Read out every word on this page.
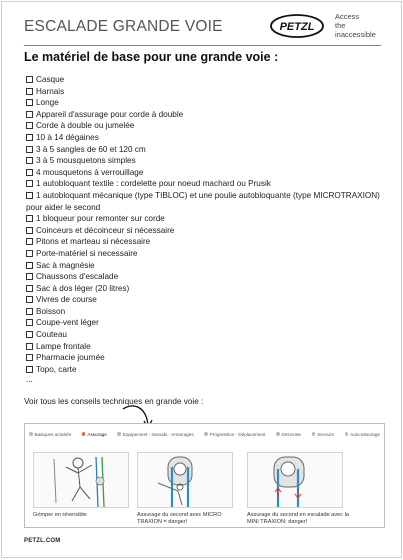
ESCALADE GRANDE VOIE	PETZL
Access
the
inaccessible
Le matériel de base pour une grande voie :
Casque
Harnais
Longe
Appareil d'assurage pour corde à double
Corde à double ou jumelée
10 à 14 dégaines
3 à 5 sangles de 60 et 120 cm
3 à 5 mousquetons simples
4 mousquetons à verrouillage
1 autobloquant textile : cordelette pour noeud machard ou Prusik
1 autobloquant mécanique (type TIBLOC) et une poulie autobloquante (type MICROTRAXION) pour aider le second
1 bloqueur pour remonter sur corde
Coinceurs et décoinceur si nécessaire
Pitons et marteau si nécessaire
Porte-matériel si necessaire
Sac à magnésie
Chaussons d'escalade
Sac à dos léger (20 litres)
Vivres de course
Boisson
Coupe-vent léger
Couteau
Lampe frontale
Pharmacie journée
Topo, carte
...
Voir tous les conseils techniques en grande voie :
Basiques activités	Assurage	Equipement - Noeuds - Amarrages	Progression - Déplacement	Descente	Secours	Auto-assurage
Grimper en réversible	Assurage du second avec MICRO TRAXION = danger!
Assurage du second en escalade avec la MINI TRAXION: danger!
PETZL.COM
